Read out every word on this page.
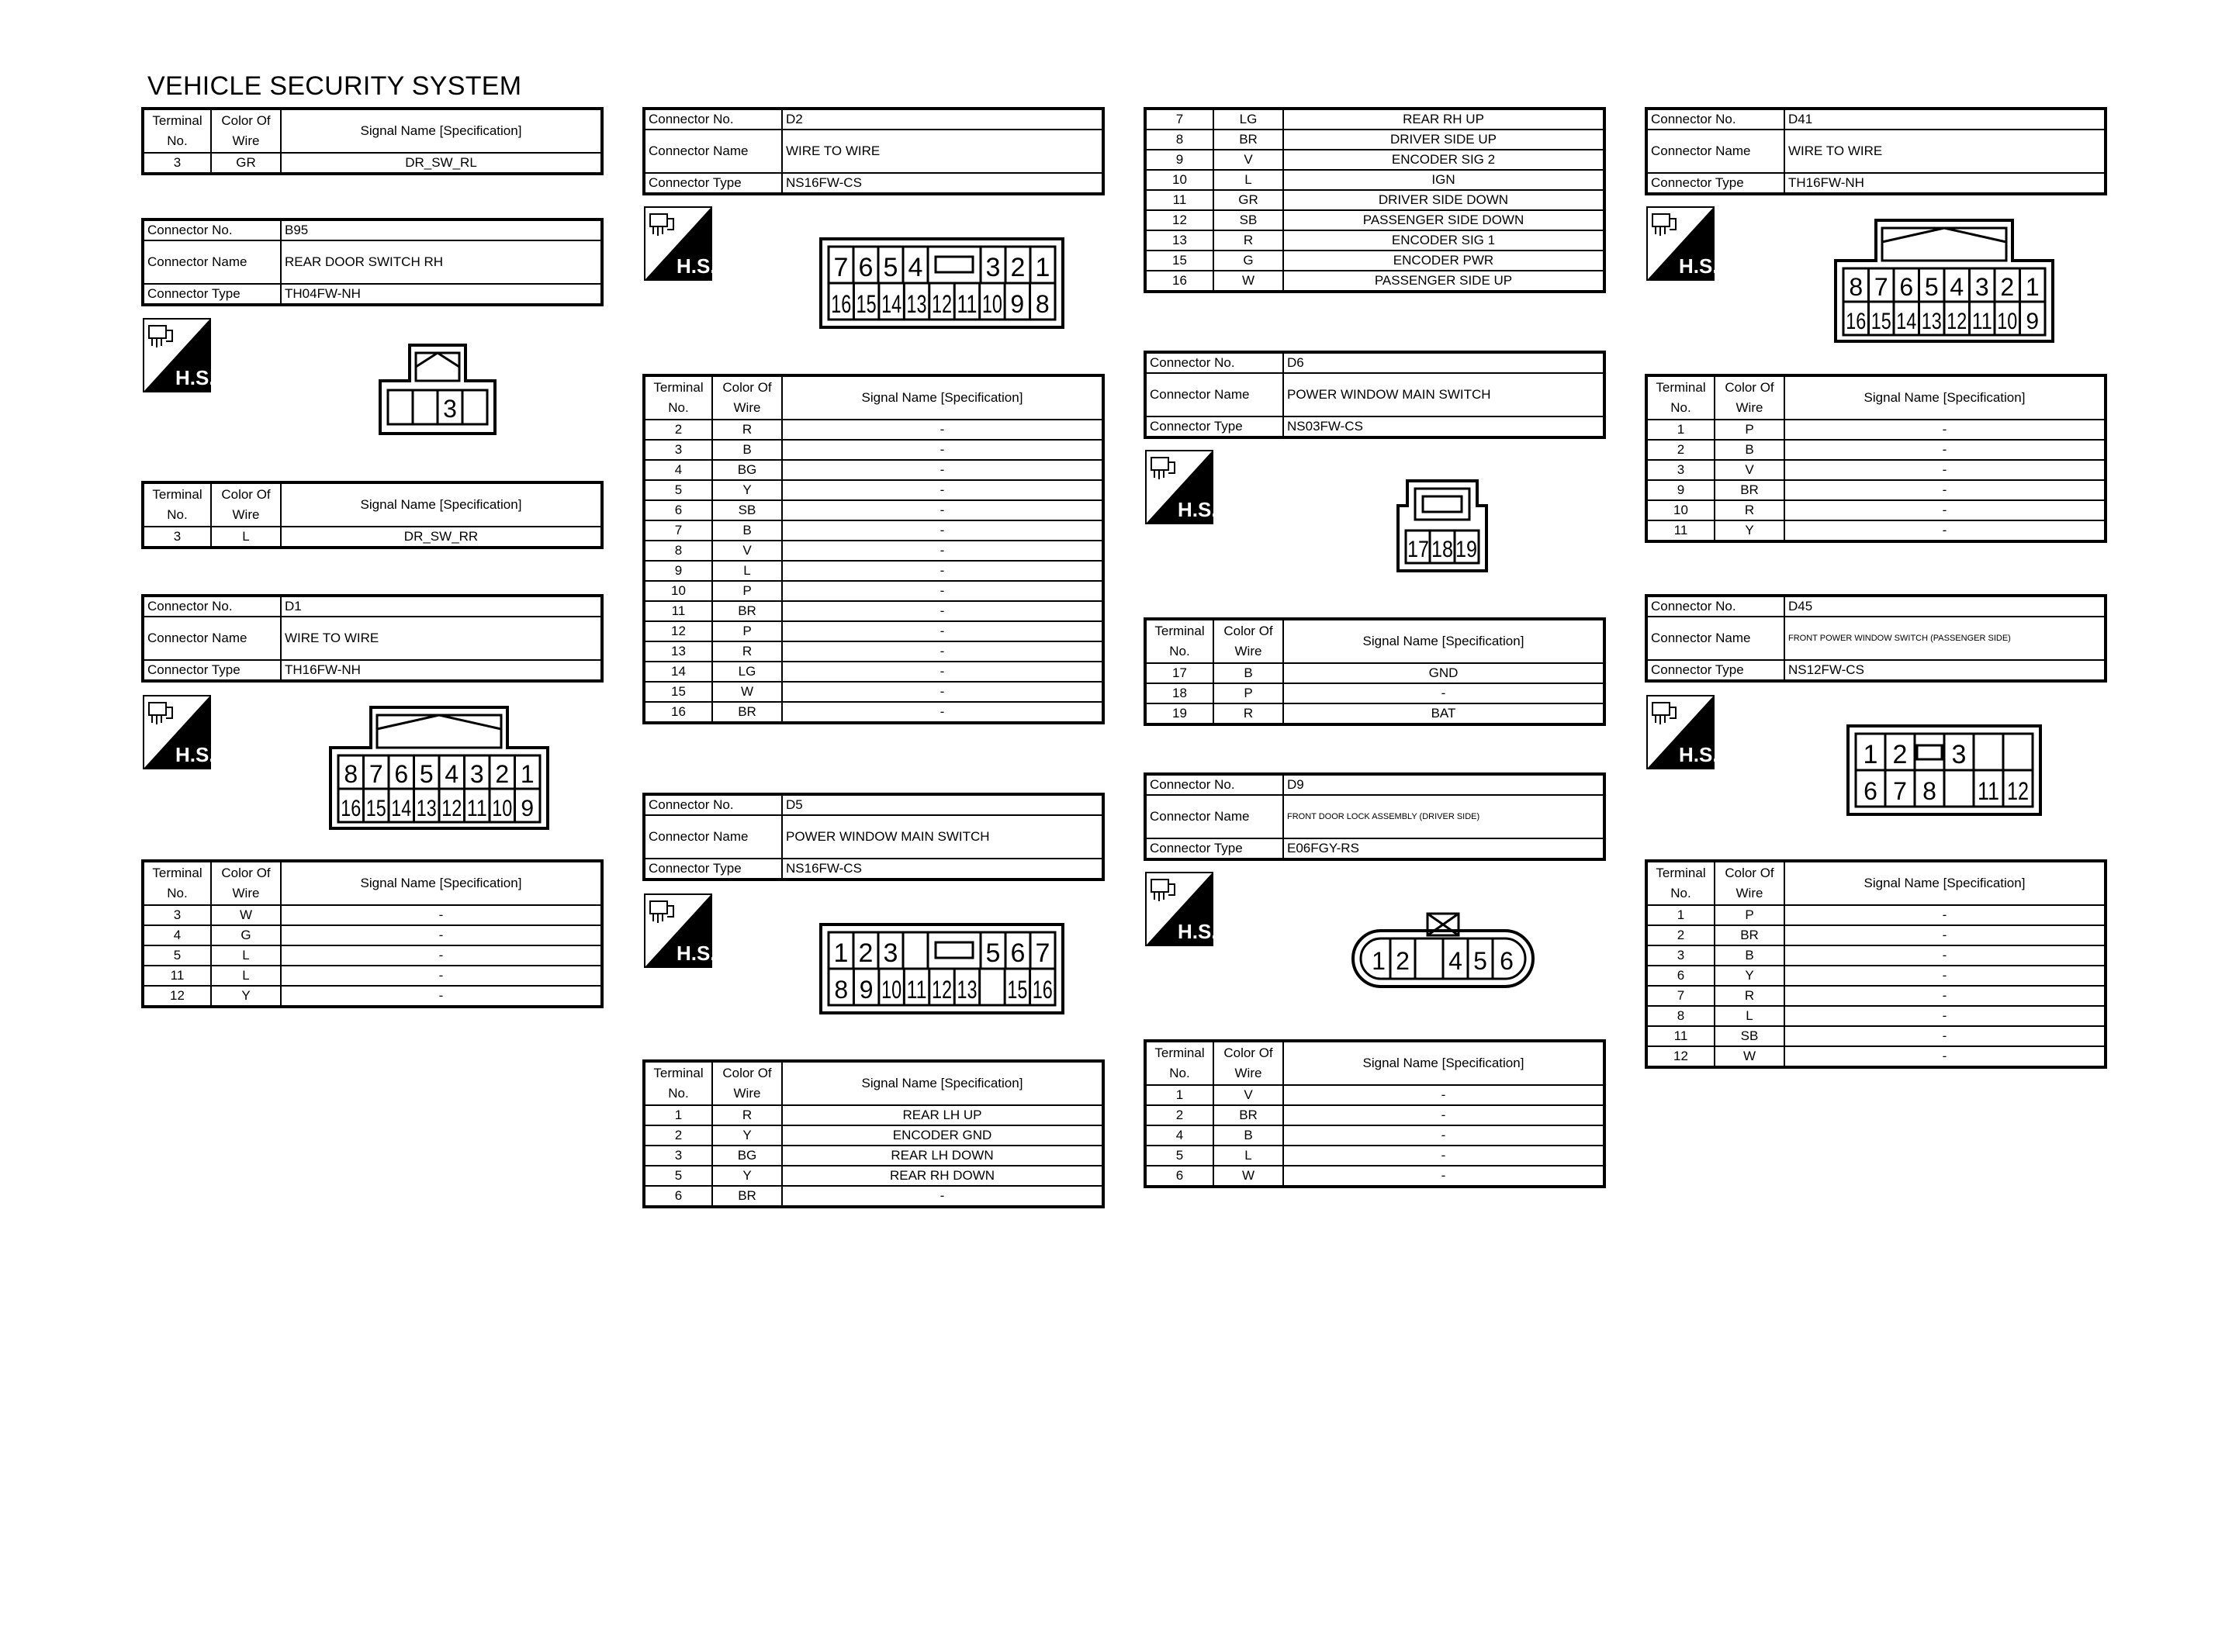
VEHICLE SECURITY SYSTEM
Terminal No.	Color Of Wire	Signal Name [Specification]
3	GR	DR_SW_RL
Connector No.	B95
Connector Name	REAR DOOR SWITCH RH
Connector Type	TH04FW-NH
H.S.
3
Terminal No.	Color Of Wire	Signal Name [Specification]
3	L	DR_SW_RR
Connector No.	D1
Connector Name	WIRE TO WIRE
Connector Type	TH16FW-NH
H.S.
8 7 6 5 4 3 2 1
16 15 14 13 12 11 10 9
Terminal No.	Color Of Wire	Signal Name [Specification]
3	W	-
4	G	-
5	L	-
11	L	-
12	Y	-
Connector No.	D2
Connector Name	WIRE TO WIRE
Connector Type	NS16FW-CS
H.S.	7 6 5 4 3 2 1
16 15 14 13 12 11 10 9 8
Terminal No.	Color Of Wire	Signal Name [Specification]
2	R	-
3	B	-
4	BG	-
5	Y	-
6	SB	-
7	B	-
8	V	-
9	L	-
10	P	-
11	BR	-
12	P	-
13	R	-
14	LG	-
15	W	-
16	BR	-
Connector No.	D5
Connector Name	POWER WINDOW MAIN SWITCH
Connector Type	NS16FW-CS
H.S.	1 2 3	5 6 7
8 9 10 11 12 13 15 16
Terminal No.	Color Of Wire	Signal Name [Specification]
1	R	REAR LH UP
2	Y	ENCODER GND
3	BG	REAR LH DOWN
5	Y	REAR RH DOWN
6	BR	-
7	LG	REAR RH UP
8	BR	DRIVER SIDE UP
9	V	ENCODER SIG 2
10	L	IGN
11	GR	DRIVER SIDE DOWN
12	SB	PASSENGER SIDE DOWN
13	R	ENCODER SIG 1
15	G	ENCODER PWR
16	W	PASSENGER SIDE UP
Connector No.	D6
Connector Name	POWER WINDOW MAIN SWITCH
Connector Type	NS03FW-CS
H.S.
17 18 19
Terminal No.	Color Of Wire	Signal Name [Specification]
17	B	GND
18	P	-
19	R	BAT
Connector No.	D9
Connector Name	FRONT DOOR LOCK ASSEMBLY (DRIVER SIDE)
Connector Type	E06FGY-RS
H.S.
1 2 4 5 6
Terminal No.	Color Of Wire	Signal Name [Specification]
1	V	-
2	BR	-
4	B	-
5	L	-
6	W	-
Connector No.	D41
Connector Name	WIRE TO WIRE
Connector Type	TH16FW-NH
H.S.
8 7 6 5 4 3 2 1
16 15 14 13 12 11 10 9
Terminal No.	Color Of Wire	Signal Name [Specification]
1	P	-
2	B	-
3	V	-
9	BR	-
10	R	-
11	Y	-
Connector No.	D45
Connector Name	FRONT POWER WINDOW SWITCH (PASSENGER SIDE)
Connector Type	NS12FW-CS
H.S.	1 2 3
6 7 8 11 12
Terminal No.	Color Of Wire	Signal Name [Specification]
1	P	-
2	BR	-
3	B	-
6	Y	-
7	R	-
8	L	-
11	SB	-
12	W	-
